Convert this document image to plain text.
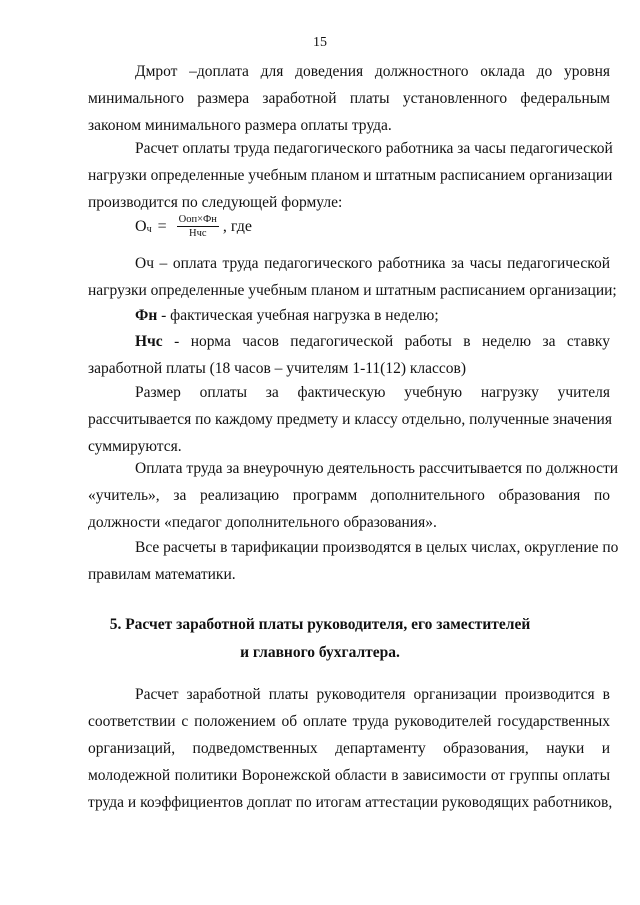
15
Дмрот –доплата для доведения должностного оклада до уровня
минимального размера заработной платы установленного федеральным
законом минимального размера оплаты труда.
Расчет оплаты труда педагогического работника за часы педагогической
нагрузки определенные учебным планом и штатным расписанием организации
производится по следующей формуле:
Оч = $\frac{\text{Ооп×Фн}}{\text{Нчс}}$ , где
Оч – оплата труда педагогического работника за часы педагогической
нагрузки определенные учебным планом и штатным расписанием организации;
Фн - фактическая учебная нагрузка в неделю;
Нчс - норма часов педагогической работы в неделю за ставку
заработной платы (18 часов – учителям 1-11(12) классов)
Размер оплаты за фактическую учебную нагрузку учителя
рассчитывается по каждому предмету и классу отдельно, полученные значения
суммируются.
Оплата труда за внеурочную деятельность рассчитывается по должности
«учитель», за реализацию программ дополнительного образования по
должности «педагог дополнительного образования».
Все расчеты в тарификации производятся в целых числах, округление по
правилам математики.
5. Расчет заработной платы руководителя, его заместителей
и главного бухгалтера.
Расчет заработной платы руководителя организации производится в
соответствии с положением об оплате труда руководителей государственных
организаций, подведомственных департаменту образования, науки и
молодежной политики Воронежской области в зависимости от группы оплаты
труда и коэффициентов доплат по итогам аттестации руководящих работников,
